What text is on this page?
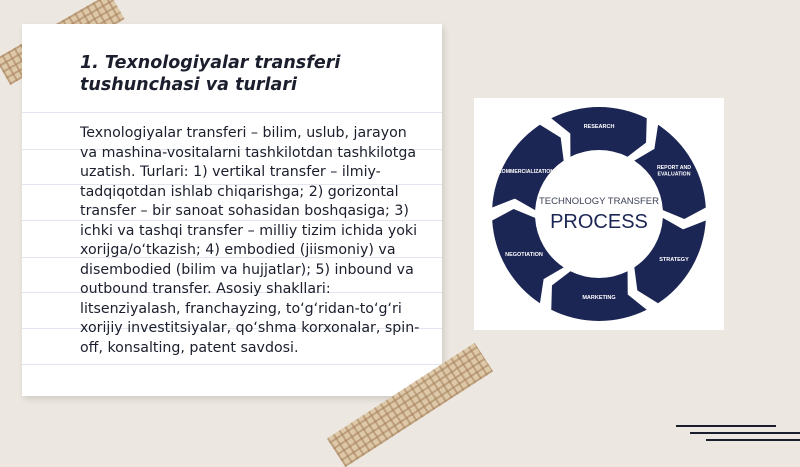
1. Texnologiyalar transferi tushunchasi va turlari

Texnologiyalar transferi – bilim, uslub, jarayon va mashina-vositalarni tashkilotdan tashkilotga uzatish. Turlari: 1) vertikal transfer – ilmiy-tadqiqotdan ishlab chiqarishga; 2) gorizontal transfer – bir sanoat sohasidan boshqasiga; 3) ichki va tashqi transfer – milliy tizim ichida yoki xorijga/o‘tkazish; 4) embodied (jiismoniy) va disembodied (bilim va hujjatlar); 5) inbound va outbound transfer. Asosiy shakllari: litsenziyalash, franchayzing, to‘g‘ridan-to‘g‘ri xorijiy investitsiyalar, qo‘shma korxonalar, spin-off, konsalting, patent savdosi.

TECHNOLOGY TRANSFER
PROCESS
RESEARCH
REPORT AND EVALUATION
STRATEGY
MARKETING
NEGOTIATION
COMMERCIALIZATION
